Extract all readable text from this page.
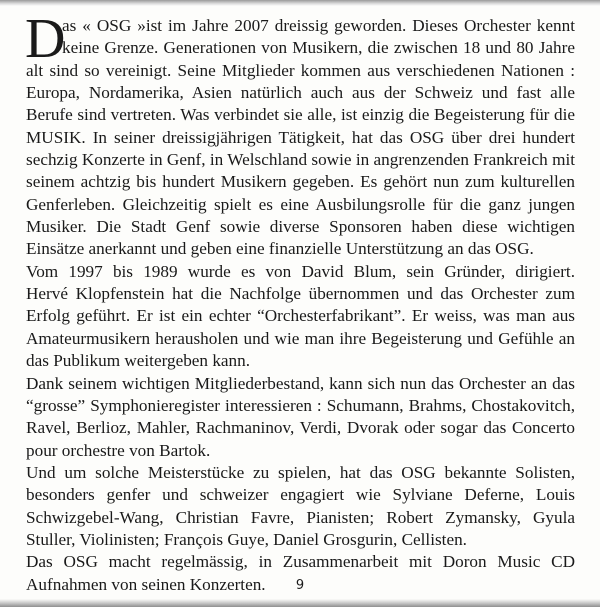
D
as « OSG »ist im Jahre 2007 dreissig geworden. Dieses Orchester kennt
keine Grenze. Generationen von Musikern, die zwischen 18 und 80 Jahre
alt sind so vereinigt. Seine Mitglieder kommen aus verschiedenen Nationen :
Europa, Nordamerika, Asien natürlich auch aus der Schweiz und fast alle
Berufe sind vertreten. Was verbindet sie alle, ist einzig die Begeisterung für die
MUSIK. In seiner dreissigjährigen Tätigkeit, hat das OSG über drei hundert
sechzig Konzerte in Genf, in Welschland sowie in angrenzenden Frankreich mit
seinem achtzig bis hundert Musikern gegeben. Es gehört nun zum kulturellen
Genferleben. Gleichzeitig spielt es eine Ausbilungsrolle für die ganz jungen
Musiker. Die Stadt Genf sowie diverse Sponsoren haben diese wichtigen
Einsätze anerkannt und geben eine finanzielle Unterstützung an das OSG.
Vom 1997 bis 1989 wurde es von David Blum, sein Gründer, dirigiert.
Hervé Klopfenstein hat die Nachfolge übernommen und das Orchester zum
Erfolg geführt. Er ist ein echter “Orchesterfabrikant”. Er weiss, was man aus
Amateurmusikern herausholen und wie man ihre Begeisterung und Gefühle an
das Publikum weitergeben kann.
Dank seinem wichtigen Mitgliederbestand, kann sich nun das Orchester an das
“grosse” Symphonieregister interessieren : Schumann, Brahms, Chostakovitch,
Ravel, Berlioz, Mahler, Rachmaninov, Verdi, Dvorak oder sogar das Concerto
pour orchestre von Bartok.
Und um solche Meisterstücke zu spielen, hat das OSG bekannte Solisten,
besonders genfer und schweizer engagiert wie Sylviane Deferne, Louis
Schwizgebel-Wang, Christian Favre, Pianisten; Robert Zymansky, Gyula
Stuller, Violinisten; François Guye, Daniel Grosgurin, Cellisten.
Das OSG macht regelmässig, in Zusammenarbeit mit Doron Music CD
Aufnahmen von seinen Konzerten.	9
